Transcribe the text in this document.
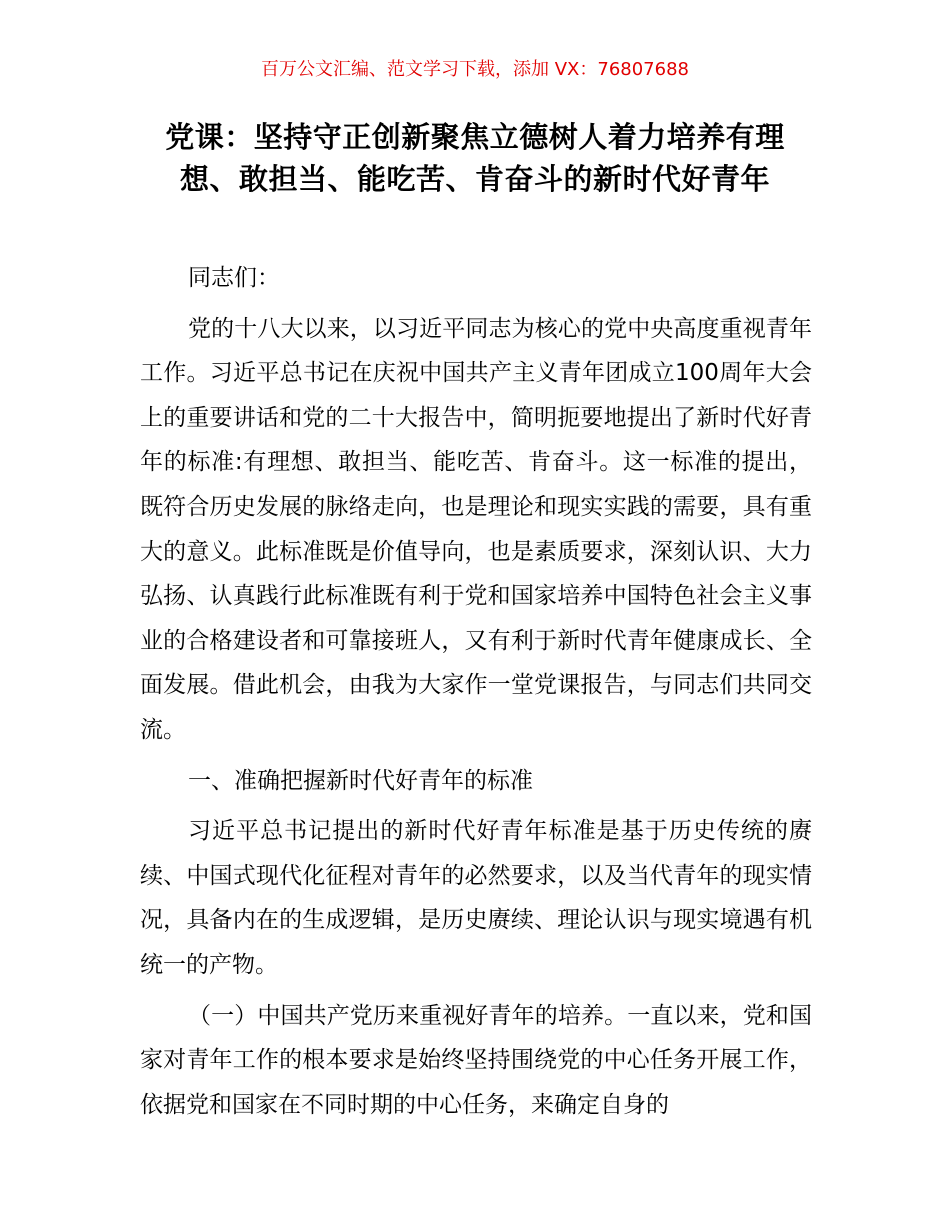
百万公文汇编、范文学习下载，添加 VX：76807688
党课：坚持守正创新聚焦立德树人着力培养有理想、敢担当、能吃苦、肯奋斗的新时代好青年

同志们：

党的十八大以来，以习近平同志为核心的党中央高度重视青年工作。习近平总书记在庆祝中国共产主义青年团成立100周年大会上的重要讲话和党的二十大报告中，简明扼要地提出了新时代好青年的标准:有理想、敢担当、能吃苦、肯奋斗。这一标准的提出，既符合历史发展的脉络走向，也是理论和现实实践的需要，具有重大的意义。此标准既是价值导向，也是素质要求，深刻认识、大力弘扬、认真践行此标准既有利于党和国家培养中国特色社会主义事业的合格建设者和可靠接班人，又有利于新时代青年健康成长、全面发展。借此机会，由我为大家作一堂党课报告，与同志们共同交流。

一、准确把握新时代好青年的标准

习近平总书记提出的新时代好青年标准是基于历史传统的赓续、中国式现代化征程对青年的必然要求，以及当代青年的现实情况，具备内在的生成逻辑，是历史赓续、理论认识与现实境遇有机统一的产物。

（一）中国共产党历来重视好青年的培养。一直以来，党和国家对青年工作的根本要求是始终坚持围绕党的中心任务开展工作，依据党和国家在不同时期的中心任务，来确定自身的
